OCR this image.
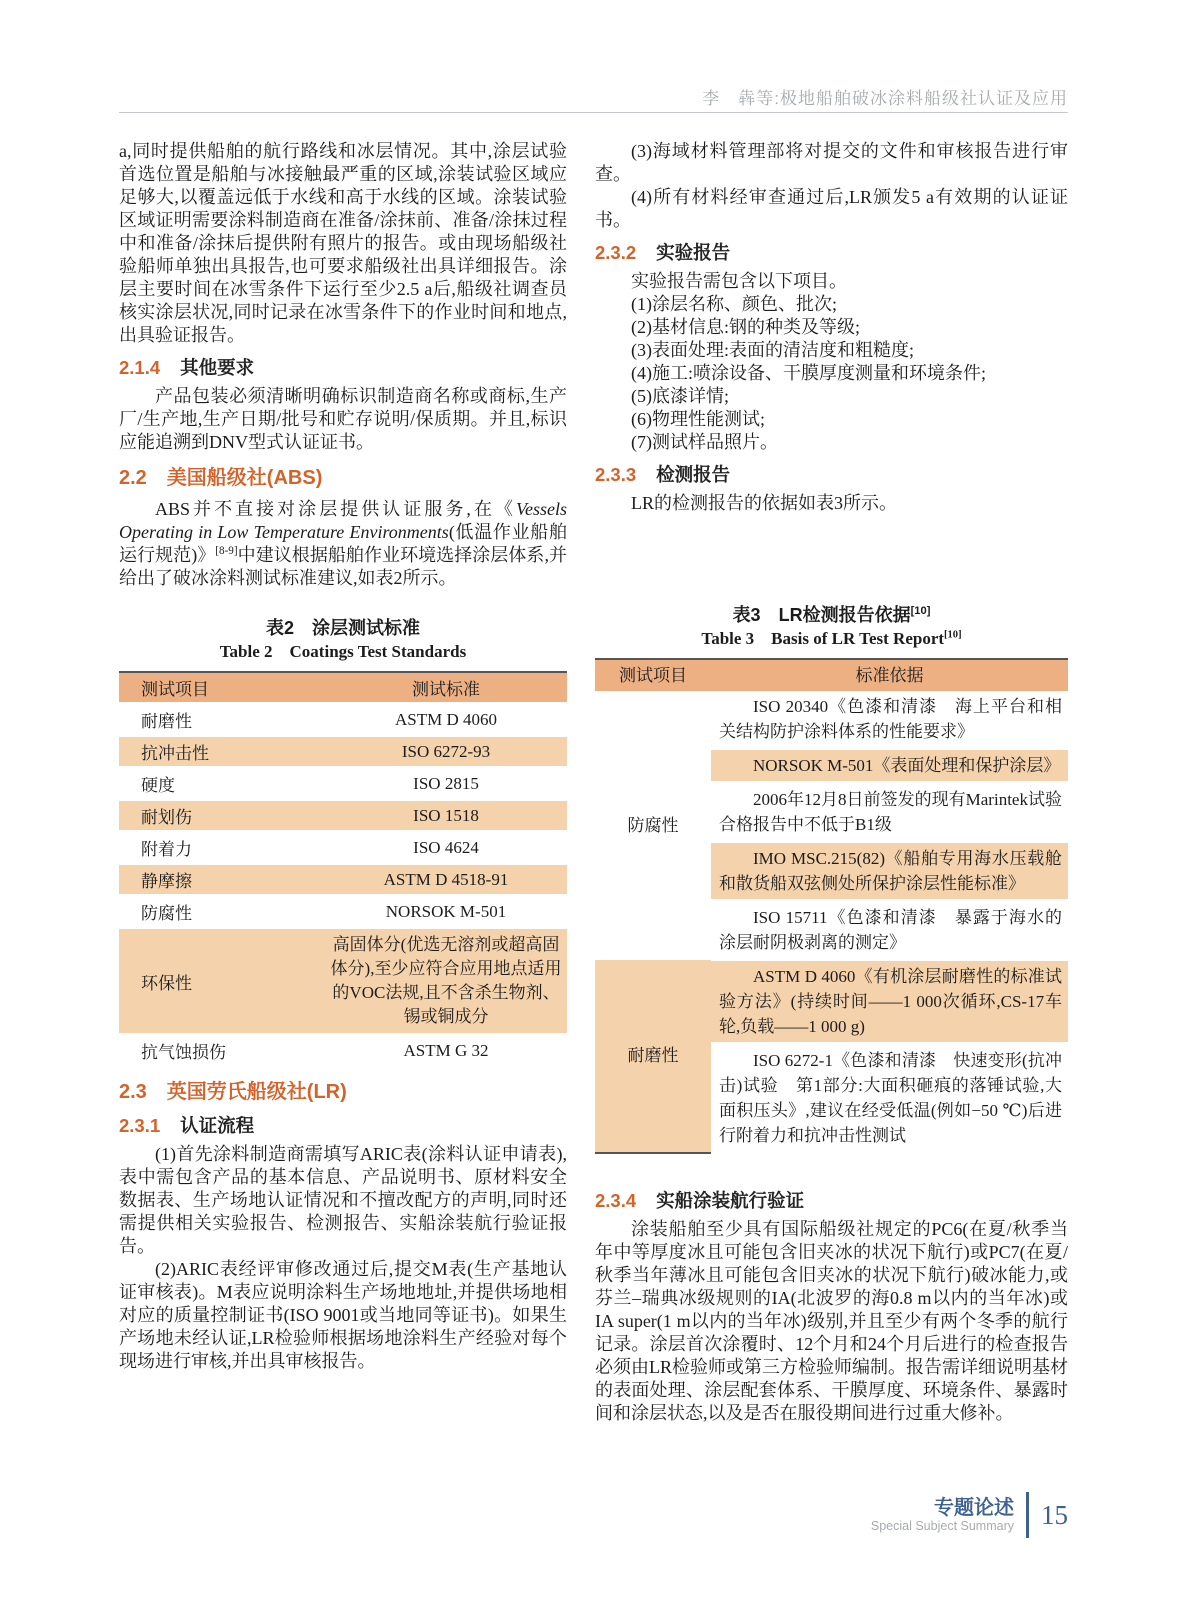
李　犇等:极地船舶破冰涂料船级社认证及应用

a,同时提供船舶的航行路线和冰层情况。其中,涂层试验首选位置是船舶与冰接触最严重的区域,涂装试验区域应足够大,以覆盖远低于水线和高于水线的区域。涂装试验区域证明需要涂料制造商在准备/涂抹前、准备/涂抹过程中和准备/涂抹后提供附有照片的报告。或由现场船级社验船师单独出具报告,也可要求船级社出具详细报告。涂层主要时间在冰雪条件下运行至少2.5 a后,船级社调查员核实涂层状况,同时记录在冰雪条件下的作业时间和地点,出具验证报告。

2.1.4 其他要求

产品包装必须清晰明确标识制造商名称或商标,生产厂/生产地,生产日期/批号和贮存说明/保质期。并且,标识应能追溯到DNV型式认证证书。

2.2　美国船级社(ABS)

ABS并不直接对涂层提供认证服务,在《Vessels Operating in Low Temperature Environments(低温作业船舶运行规范)》[8-9]中建议根据船舶作业环境选择涂层体系,并给出了破冰涂料测试标准建议,如表2所示。

表2　涂层测试标准
Table 2　Coatings Test Standards
测试项目	测试标准
耐磨性	ASTM D 4060
抗冲击性	ISO 6272-93
硬度	ISO 2815
耐划伤	ISO 1518
附着力	ISO 4624
静摩擦	ASTM D 4518-91
防腐性	NORSOK M-501
环保性	高固体分(优选无溶剂或超高固体分),至少应符合应用地点适用的VOC法规,且不含杀生物剂、锡或铜成分
抗气蚀损伤	ASTM G 32
2.3　英国劳氏船级社(LR)
2.3.1 认证流程

(1)首先涂料制造商需填写ARIC表(涂料认证申请表),表中需包含产品的基本信息、产品说明书、原材料安全数据表、生产场地认证情况和不擅改配方的声明,同时还需提供相关实验报告、检测报告、实船涂装航行验证报告。

(2)ARIC表经评审修改通过后,提交M表(生产基地认证审核表)。M表应说明涂料生产场地地址,并提供场地相对应的质量控制证书(ISO 9001或当地同等证书)。如果生产场地未经认证,LR检验师根据场地涂料生产经验对每个现场进行审核,并出具审核报告。

(3)海域材料管理部将对提交的文件和审核报告进行审查。

(4)所有材料经审查通过后,LR颁发5 a有效期的认证证书。

2.3.2 实验报告

实验报告需包含以下项目。

(1)涂层名称、颜色、批次;

(2)基材信息:钢的种类及等级;

(3)表面处理:表面的清洁度和粗糙度;

(4)施工:喷涂设备、干膜厚度测量和环境条件;

(5)底漆详情;

(6)物理性能测试;

(7)测试样品照片。

2.3.3 检测报告

LR的检测报告的依据如表3所示。

表3　LR检测报告依据[10]
Table 3　Basis of LR Test Report[10]
测试项目	标准依据
防腐性	ISO 20340《色漆和清漆　海上平台和相关结构防护涂料体系的性能要求》
	NORSOK M-501《表面处理和保护涂层》
	2006年12月8日前签发的现有Marintek试验合格报告中不低于B1级
	IMO MSC.215(82)《船舶专用海水压载舱和散货船双弦侧处所保护涂层性能标准》
	ISO 15711《色漆和清漆　暴露于海水的涂层耐阴极剥离的测定》
耐磨性	ASTM D 4060《有机涂层耐磨性的标准试验方法》(持续时间——1 000次循环,CS-17车轮,负载——1 000 g)
	ISO 6272-1《色漆和清漆　快速变形(抗冲击)试验　第1部分:大面积砸痕的落锤试验,大面积压头》,建议在经受低温(例如−50 ℃)后进行附着力和抗冲击性测试
2.3.4 实船涂装航行验证

涂装船舶至少具有国际船级社规定的PC6(在夏/秋季当年中等厚度冰且可能包含旧夹冰的状况下航行)或PC7(在夏/秋季当年薄冰且可能包含旧夹冰的状况下航行)破冰能力,或芬兰–瑞典冰级规则的IA(北波罗的海0.8 m以内的当年冰)或IA super(1 m以内的当年冰)级别,并且至少有两个冬季的航行记录。涂层首次涂覆时、12个月和24个月后进行的检查报告必须由LR检验师或第三方检验师编制。报告需详细说明基材的表面处理、涂层配套体系、干膜厚度、环境条件、暴露时间和涂层状态,以及是否在服役期间进行过重大修补。

专题论述
Special Subject Summary 15
